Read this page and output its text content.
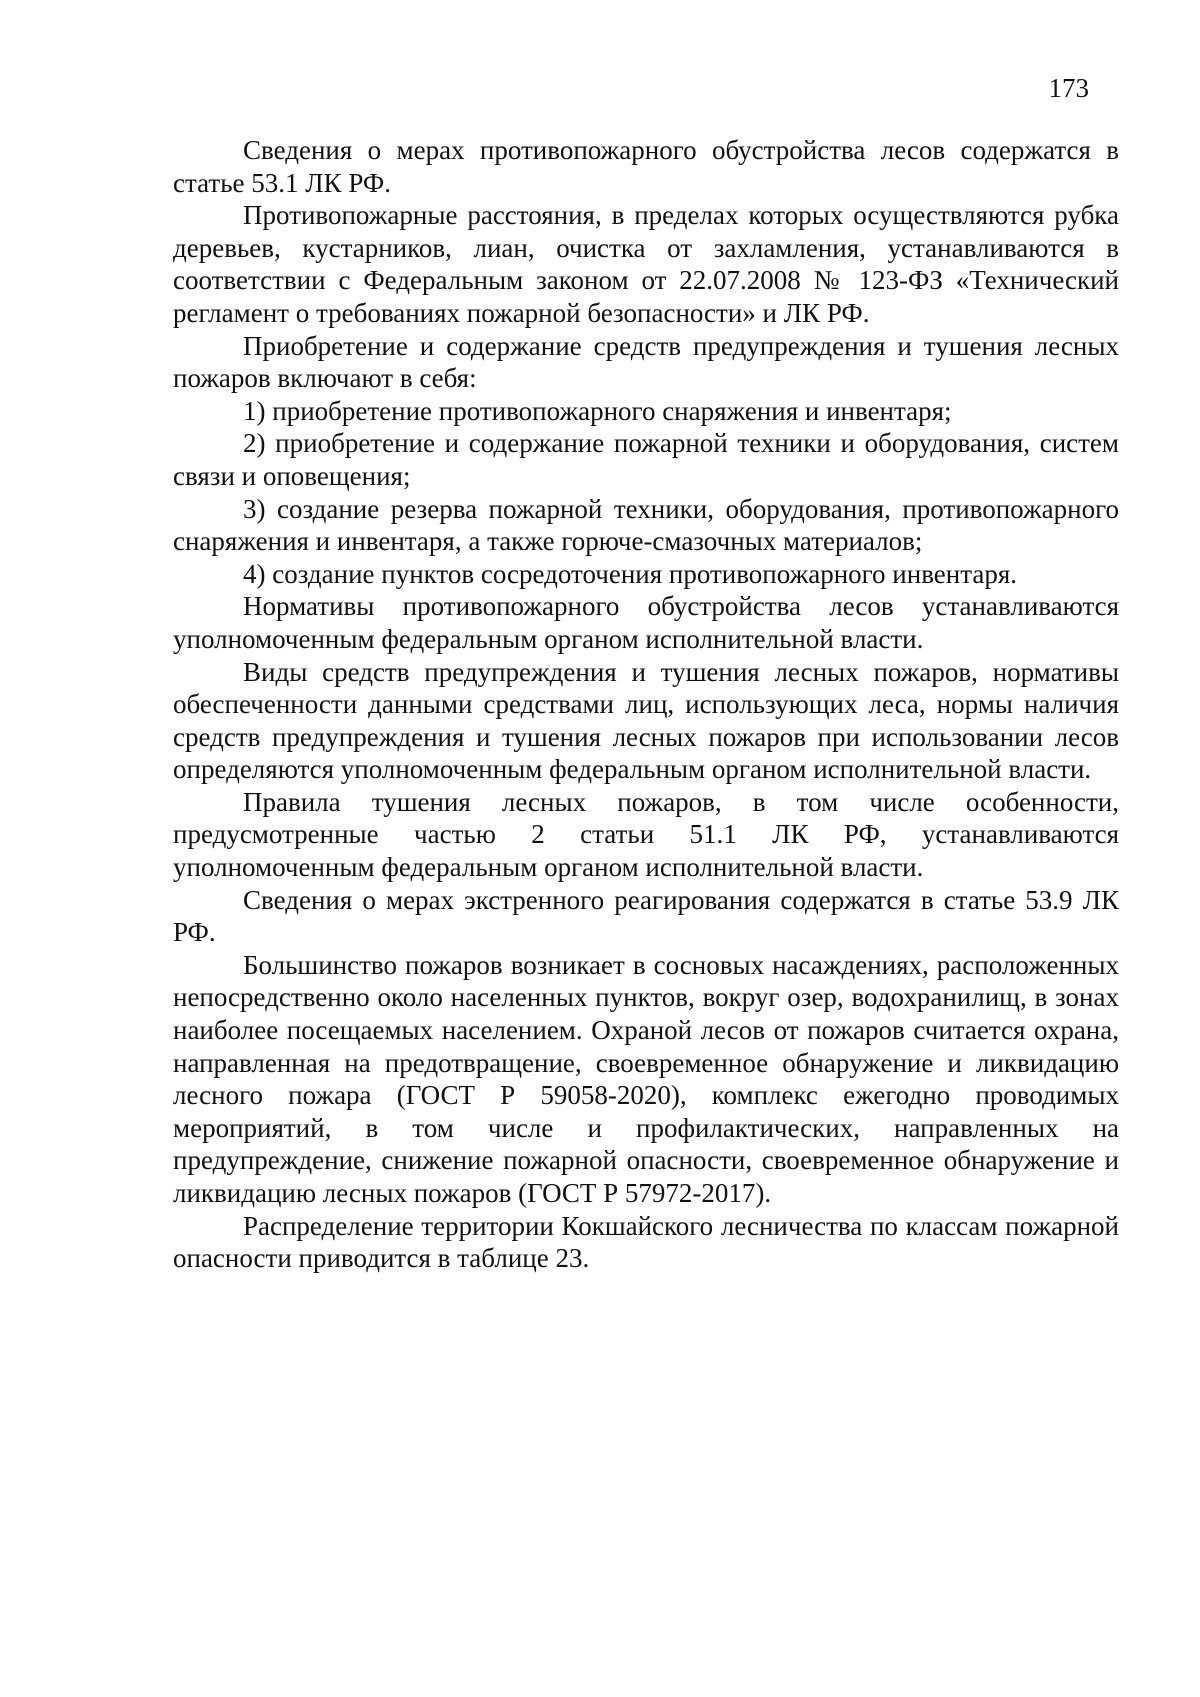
173

Сведения о мерах противопожарного обустройства лесов содержатся в статье 53.1 ЛК РФ.

Противопожарные расстояния, в пределах которых осуществляются рубка деревьев, кустарников, лиан, очистка от захламления, устанавливаются в соответствии с Федеральным законом от 22.07.2008 № 123-ФЗ «Технический регламент о требованиях пожарной безопасности» и ЛК РФ.

Приобретение и содержание средств предупреждения и тушения лесных пожаров включают в себя:

1) приобретение противопожарного снаряжения и инвентаря;

2) приобретение и содержание пожарной техники и оборудования, систем связи и оповещения;

3) создание резерва пожарной техники, оборудования, противопожарного снаряжения и инвентаря, а также горюче-смазочных материалов;

4) создание пунктов сосредоточения противопожарного инвентаря.

Нормативы противопожарного обустройства лесов устанавливаются уполномоченным федеральным органом исполнительной власти.

Виды средств предупреждения и тушения лесных пожаров, нормативы обеспеченности данными средствами лиц, использующих леса, нормы наличия средств предупреждения и тушения лесных пожаров при использовании лесов определяются уполномоченным федеральным органом исполнительной власти.

Правила тушения лесных пожаров, в том числе особенности, предусмотренные частью 2 статьи 51.1 ЛК РФ, устанавливаются уполномоченным федеральным органом исполнительной власти.

Сведения о мерах экстренного реагирования содержатся в статье 53.9 ЛК РФ.

Большинство пожаров возникает в сосновых насаждениях, расположенных непосредственно около населенных пунктов, вокруг озер, водохранилищ, в зонах наиболее посещаемых населением. Охраной лесов от пожаров считается охрана, направленная на предотвращение, своевременное обнаружение и ликвидацию лесного пожара (ГОСТ Р 59058-2020), комплекс ежегодно проводимых мероприятий, в том числе и профилактических, направленных на предупреждение, снижение пожарной опасности, своевременное обнаружение и ликвидацию лесных пожаров (ГОСТ Р 57972-2017).

Распределение территории Кокшайского лесничества по классам пожарной опасности приводится в таблице 23.
